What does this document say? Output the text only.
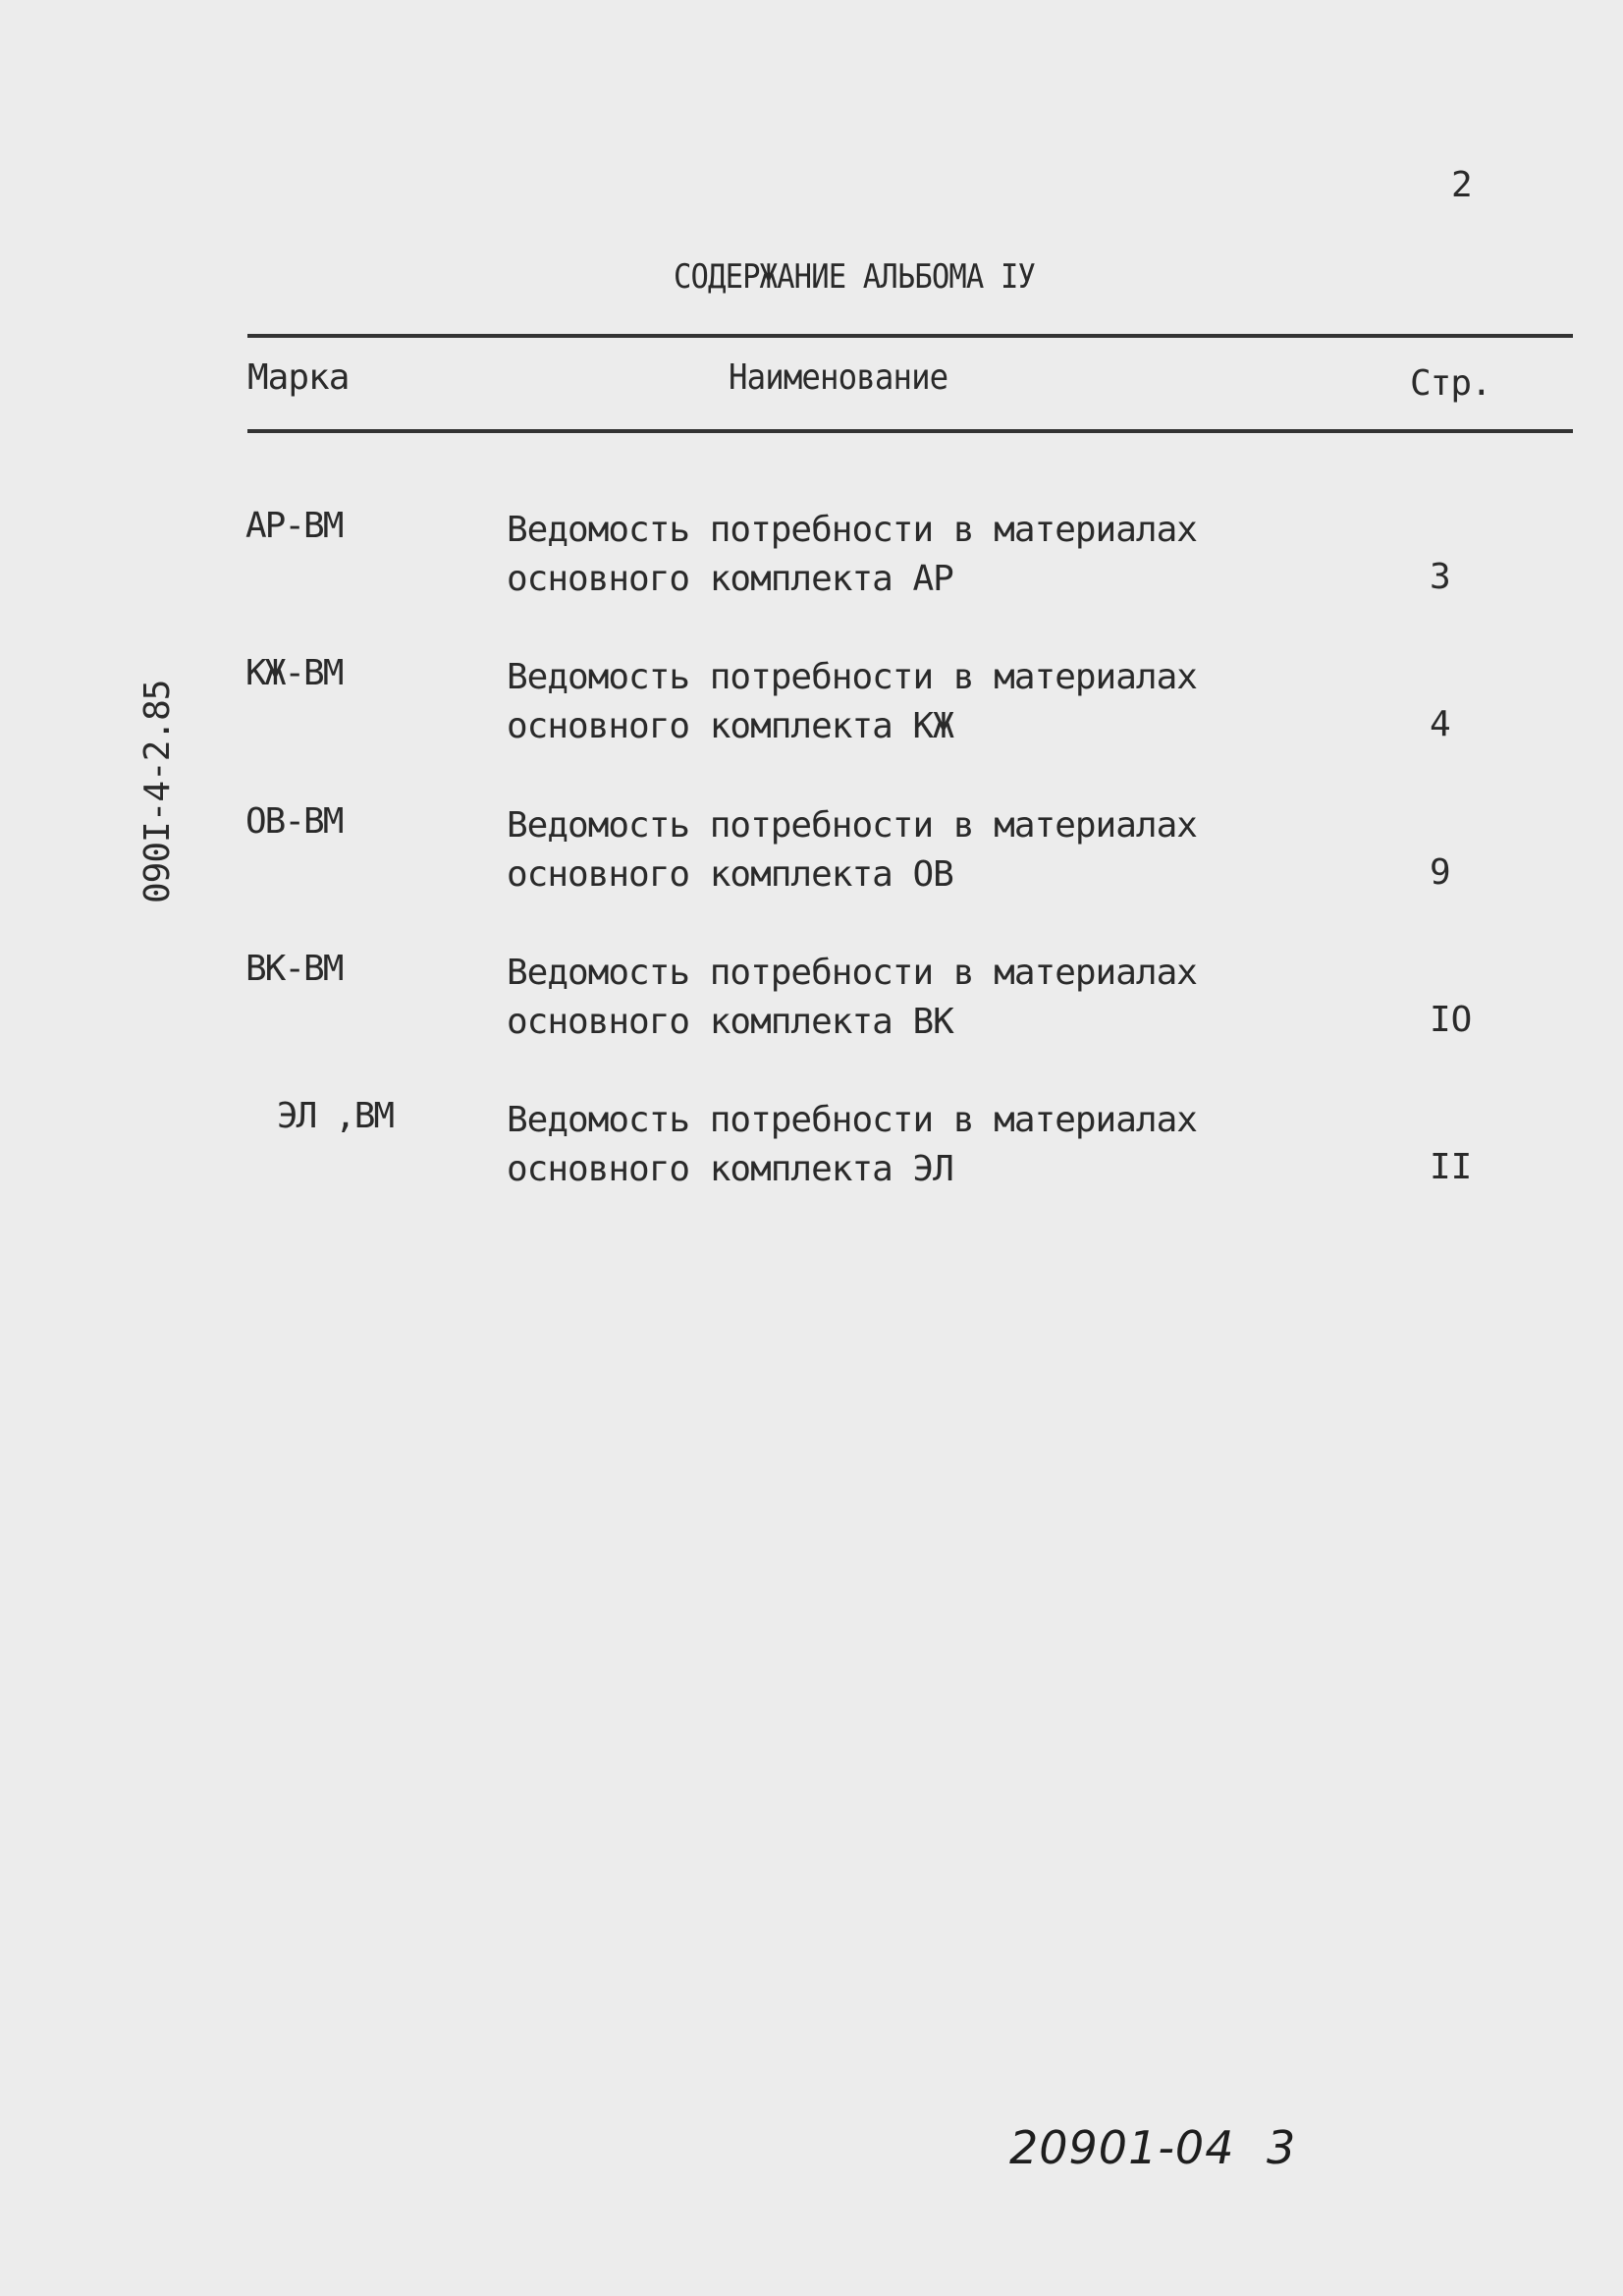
2
СОДЕРЖАНИЕ АЛЬБОМА IУ
Марка	Наименование	Стр.
АР-ВМ	Ведомость потребности в материалах
основного комплекта АР	3
КЖ-ВМ	Ведомость потребности в материалах
основного комплекта КЖ	4
ОВ-ВМ	Ведомость потребности в материалах
основного комплекта ОВ	9
ВК-ВМ	Ведомость потребности в материалах
основного комплекта ВК	IO
ЭЛ ,ВМ	Ведомость потребности в материалах
основного комплекта ЭЛ	II
090I-4-2.85
20901-04 3
